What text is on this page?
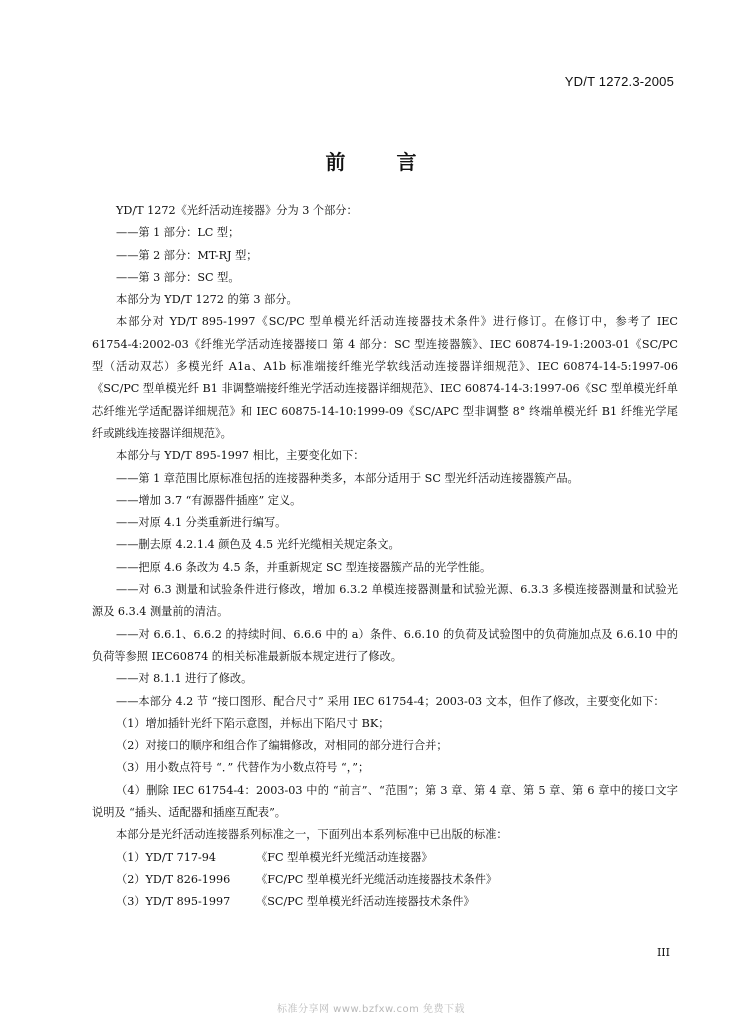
YD/T 1272.3-2005
前 言

YD/T 1272《光纤活动连接器》分为 3 个部分：

——第 1 部分：LC 型；

——第 2 部分：MT-RJ 型；

——第 3 部分：SC 型。

本部分为 YD/T 1272 的第 3 部分。

本部分对 YD/T 895-1997《SC/PC 型单模光纤活动连接器技术条件》进行修订。在修订中，参考了 IEC 61754-4:2002-03《纤维光学活动连接器接口 第 4 部分：SC 型连接器簇》、IEC 60874-19-1:2003-01《SC/PC 型（活动双芯）多模光纤 A1a、A1b 标准端接纤维光学软线活动连接器详细规范》、IEC 60874-14-5:1997-06《SC/PC 型单模光纤 B1 非调整端接纤维光学活动连接器详细规范》、IEC 60874-14-3:1997-06《SC 型单模光纤单芯纤维光学适配器详细规范》和 IEC 60875-14-10:1999-09《SC/APC 型非调整 8° 终端单模光纤 B1 纤维光学尾纤或跳线连接器详细规范》。

本部分与 YD/T 895-1997 相比，主要变化如下：

——第 1 章范围比原标准包括的连接器种类多，本部分适用于 SC 型光纤活动连接器簇产品。

——增加 3.7 “有源器件插座” 定义。

——对原 4.1 分类重新进行编写。

——删去原 4.2.1.4 颜色及 4.5 光纤光缆相关规定条文。

——把原 4.6 条改为 4.5 条，并重新规定 SC 型连接器簇产品的光学性能。

——对 6.3 测量和试验条件进行修改，增加 6.3.2 单模连接器测量和试验光源、6.3.3 多模连接器测量和试验光源及 6.3.4 测量前的清洁。

——对 6.6.1、6.6.2 的持续时间、6.6.6 中的 a）条件、6.6.10 的负荷及试验图中的负荷施加点及 6.6.10 中的负荷等参照 IEC60874 的相关标准最新版本规定进行了修改。

——对 8.1.1 进行了修改。

——本部分 4.2 节 “接口图形、配合尺寸” 采用 IEC 61754-4；2003-03 文本，但作了修改，主要变化如下：

（1）增加插针光纤下陷示意图，并标出下陷尺寸 BK；

（2）对接口的顺序和组合作了编辑修改，对相同的部分进行合并；

（3）用小数点符号 “．” 代替作为小数点符号 “，”；

（4）删除 IEC 61754-4：2003-03 中的 “前言”、“范围”；第 3 章、第 4 章、第 5 章、第 6 章中的接口文字说明及 “插头、适配器和插座互配表”。

本部分是光纤活动连接器系列标准之一，下面列出本系列标准中已出版的标准：

（1）YD/T 717-94	《FC 型单模光纤光缆活动连接器》
（2）YD/T 826-1996	《FC/PC 型单模光纤光缆活动连接器技术条件》
（3）YD/T 895-1997	《SC/PC 型单模光纤活动连接器技术条件》
III
标准分享网 www.bzfxw.com 免费下载
